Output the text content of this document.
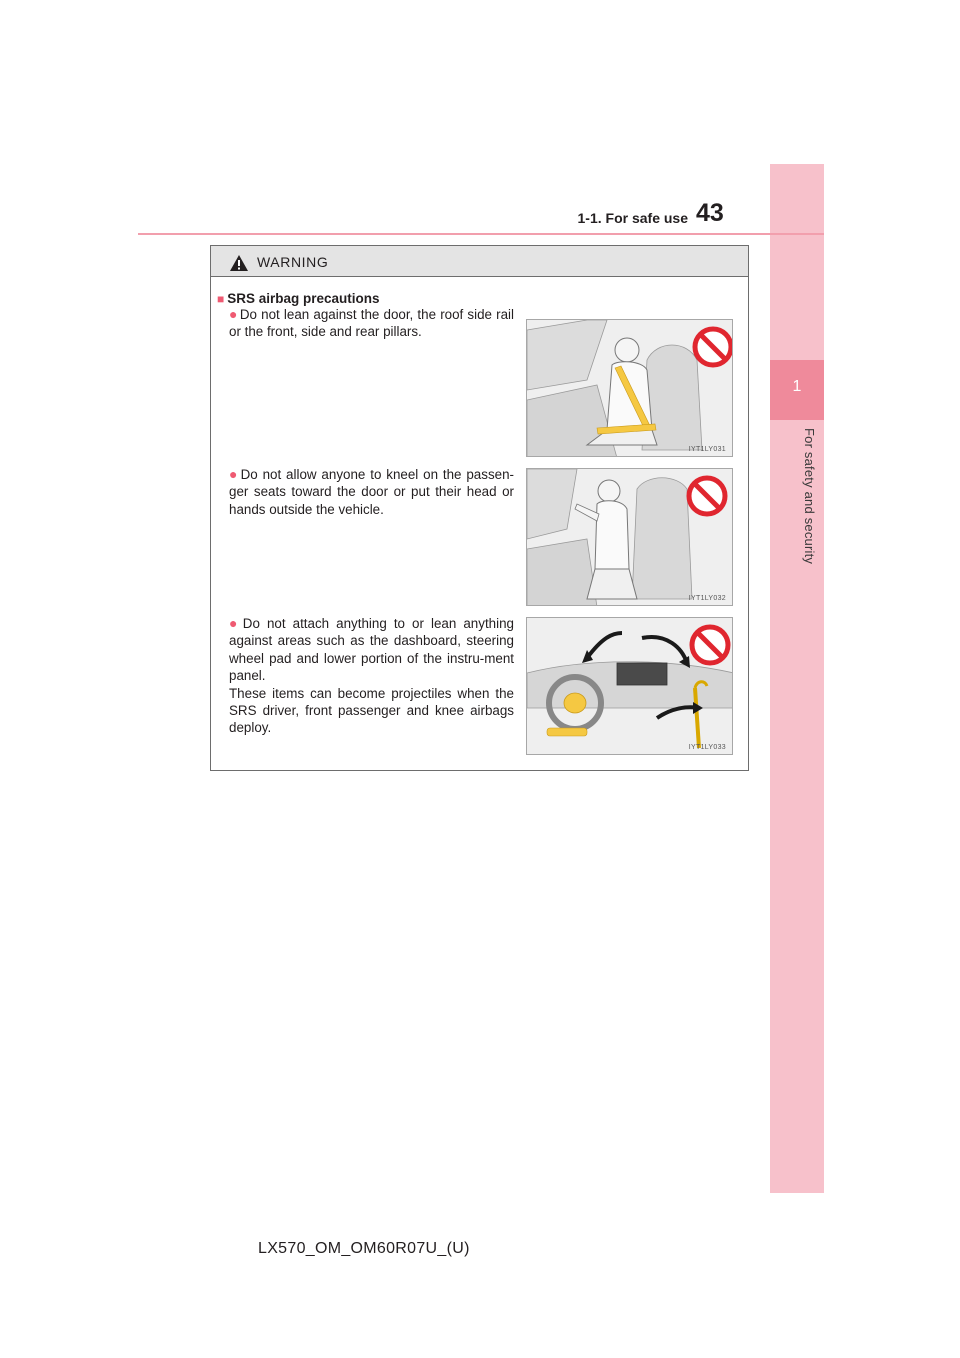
1
For safety and security
1-1. For safe use 43
WARNING
■ SRS airbag precautions
● Do not lean against the door, the roof side rail or the front, side and rear pillars.
IYT1LY031
● Do not allow anyone to kneel on the passen-ger seats toward the door or put their head or hands outside the vehicle.
IYT1LY032
● Do not attach anything to or lean anything against areas such as the dashboard, steering wheel pad and lower portion of the instru-ment panel.
These items can become projectiles when the SRS driver, front passenger and knee airbags deploy.
IYT1LY033
LX570_OM_OM60R07U_(U)
